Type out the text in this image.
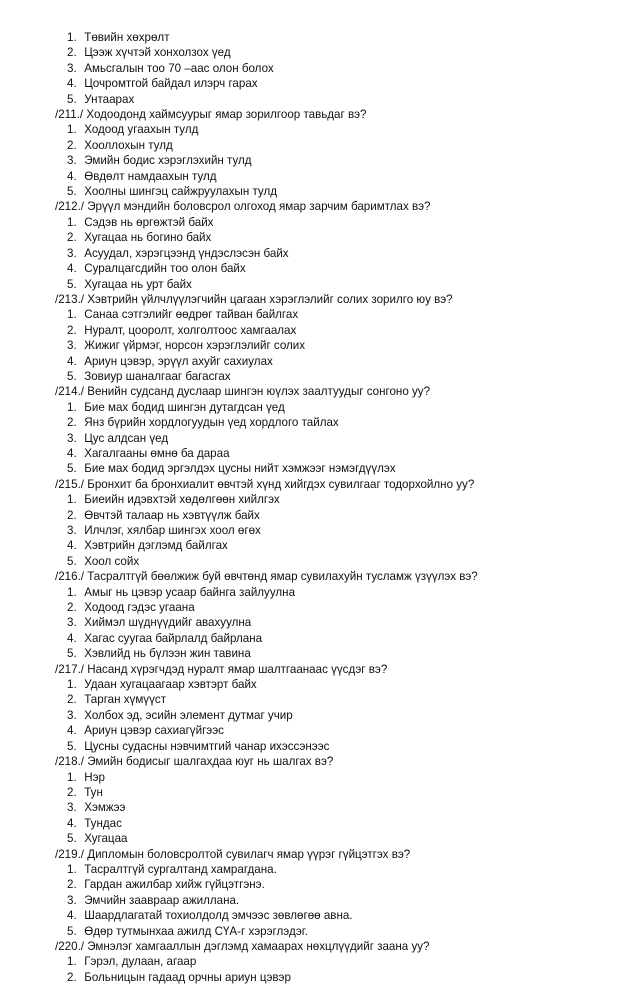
1. Төвийн хөхрөлт
2. Цээж хүчтэй хонхолзох үед
3. Амьсгалын тоо 70 –аас олон болох
4. Цочромтгой байдал илэрч гарах
5. Унтаарах
/211./ Ходоодонд хаймсуурыг ямар зорилгоор тавьдаг вэ?
1. Ходоод угаахын тулд
2. Хооллохын тулд
3. Эмийн бодис хэрэглэхийн тулд
4. Өвдөлт намдаахын тулд
5. Хоолны шингэц сайжруулахын тулд
/212./ Эрүүл мэндийн боловсрол олгоход ямар зарчим баримтлах вэ?
1. Сэдэв нь өргөжтэй байх
2. Хугацаа нь богино байх
3. Асуудал, хэрэгцээнд үндэслэсэн байх
4. Суралцагсдийн тоо олон байх
5. Хугацаа нь урт байх
/213./ Хэвтрийн үйлчлүүлэгчийн цагаан хэрэглэлийг солих зорилго юу вэ?
1. Санаа сэтгэлийг өөдрөг тайван байлгах
2. Нуралт, цооролт, холголтоос хамгаалах
3. Жижиг үйрмэг, норсон хэрэглэлийг солих
4. Ариун цэвэр, эрүүл ахуйг сахиулах
5. Зовиур шаналгааг багасгах
/214./ Венийн судсанд дуслаар шингэн юүлэх заалтуудыг сонгоно уу?
1. Бие мах бодид шингэн дутагдсан үед
2. Янз бүрийн хордлогуудын үед хордлого тайлах
3. Цус алдсан үед
4. Хагалгааны өмнө ба дараа
5. Бие мах бодид эргэлдэх цусны нийт хэмжээг нэмэгдүүлэх
/215./ Бронхит ба бронхиалит өвчтэй хүнд хийгдэх сувилгааг тодорхойлно уу?
1. Биеийн идэвхтэй хөдөлгөөн хийлгэх
2. Өвчтэй талаар нь хэвтүүлж байх
3. Илчлэг, хялбар шингэх хоол өгөх
4. Хэвтрийн дэглэмд байлгах
5. Хоол сойх
/216./ Тасралтгүй бөөлжиж буй өвчтөнд ямар сувилахуйн тусламж үзүүлэх вэ?
1. Амыг нь цэвэр усаар байнга зайлуулна
2. Ходоод гэдэс угаана
3. Хиймэл шүднүүдийг авахуулна
4. Хагас суугаа байрлалд байрлана
5. Хэвлийд нь бүлээн жин тавина
/217./ Насанд хүрэгчдэд нуралт ямар шалтгаанаас үүсдэг вэ?
1. Удаан хугацаагаар хэвтэрт байх
2. Тарган хүмүүст
3. Холбох эд, эсийн элемент дутмаг учир
4. Ариун цэвэр сахиагүйгээс
5. Цусны судасны нэвчимтгий чанар ихэссэнээс
/218./ Эмийн бодисыг шалгахдаа юуг нь шалгах вэ?
1. Нэр
2. Тун
3. Хэмжээ
4. Тундас
5. Хугацаа
/219./ Дипломын боловсролтой сувилагч ямар үүрэг гүйцэтгэх вэ?
1. Тасралтгүй сургалтанд хамрагдана.
2. Гардан ажилбар хийж гүйцэтгэнэ.
3. Эмчийн заавраар ажиллана.
4. Шаардлагатай тохиолдолд эмчээс зөвлөгөө авна.
5. Өдөр тутмынхаа ажилд СҮА-г хэрэглэдэг.
/220./ Эмнэлэг хамгааллын дэглэмд хамаарах нөхцлүүдийг заана уу?
1. Гэрэл, дулаан, агаар
2. Больницын гадаад орчны ариун цэвэр
